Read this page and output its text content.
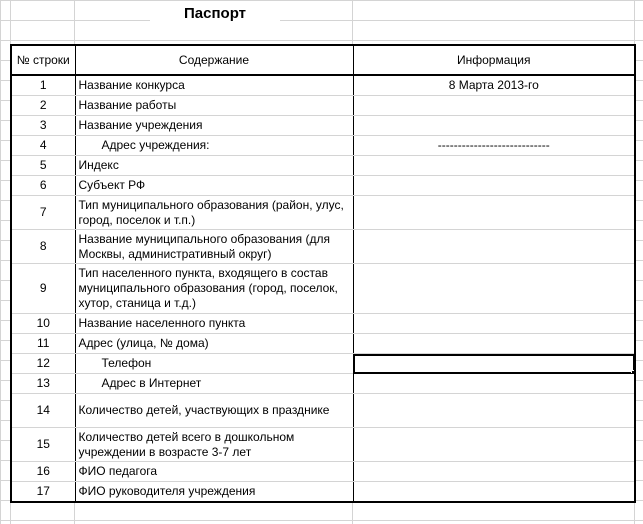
Паспорт
№ строки	Содержание	Информация
1	Название конкурса	8 Марта 2013-го
2	Название работы	
3	Название учреждения	
4	Адрес учреждения:	----------------------------
5	Индекс	
6	Субъект РФ	
7	Тип муниципального образования (район, улус, город, поселок и т.п.)	
8	Название муниципального образования (для Москвы, административный округ)	
9	Тип населенного пункта, входящего в состав муниципального образования (город, поселок, хутор, станица и т.д.)	
10	Название населенного пункта	
11	Адрес (улица, № дома)	
12	Телефон	

13	Адрес в Интернет	
14	Количество детей, участвующих в празднике	
15	Количество детей всего в дошкольном учреждении в возрасте 3-7 лет	
16	ФИО педагога	
17	ФИО руководителя учреждения	
